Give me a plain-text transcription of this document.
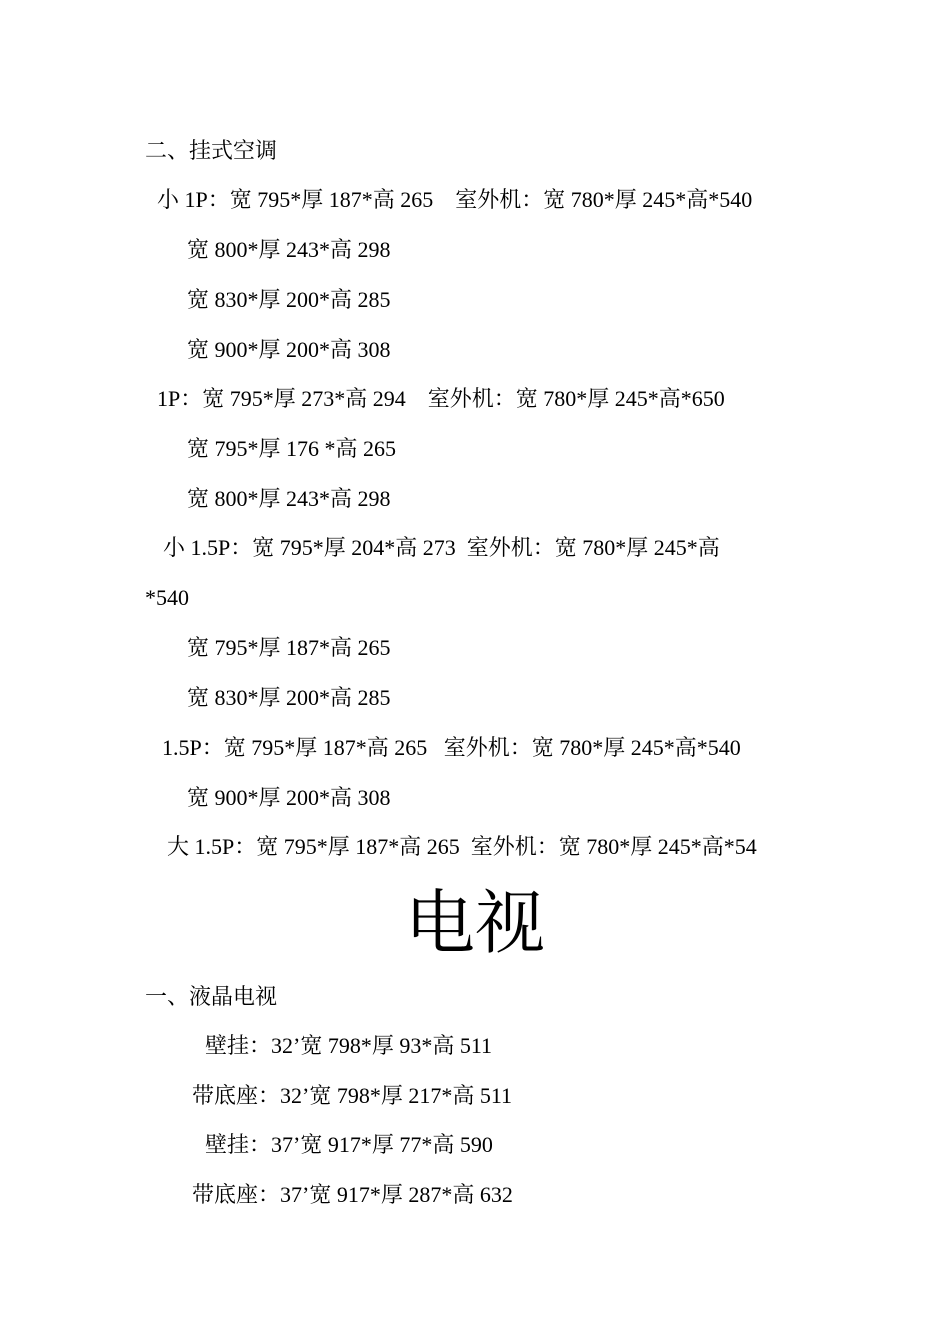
二、挂式空调
小 1P：宽 795*厚 187*高 265    室外机：宽 780*厚 245*高*540
宽 800*厚 243*高 298
宽 830*厚 200*高 285
宽 900*厚 200*高 308
1P：宽 795*厚 273*高 294    室外机：宽 780*厚 245*高*650
宽 795*厚 176 *高 265
宽 800*厚 243*高 298
小 1.5P：宽 795*厚 204*高 273  室外机：宽 780*厚 245*高
*540
宽 795*厚 187*高 265
宽 830*厚 200*高 285
1.5P：宽 795*厚 187*高 265   室外机：宽 780*厚 245*高*540
宽 900*厚 200*高 308
大 1.5P：宽 795*厚 187*高 265  室外机：宽 780*厚 245*高*54
电视
一、液晶电视
壁挂：32’宽 798*厚 93*高 511
带底座：32’宽 798*厚 217*高 511
壁挂：37’宽 917*厚 77*高 590
带底座：37’宽 917*厚 287*高 632
